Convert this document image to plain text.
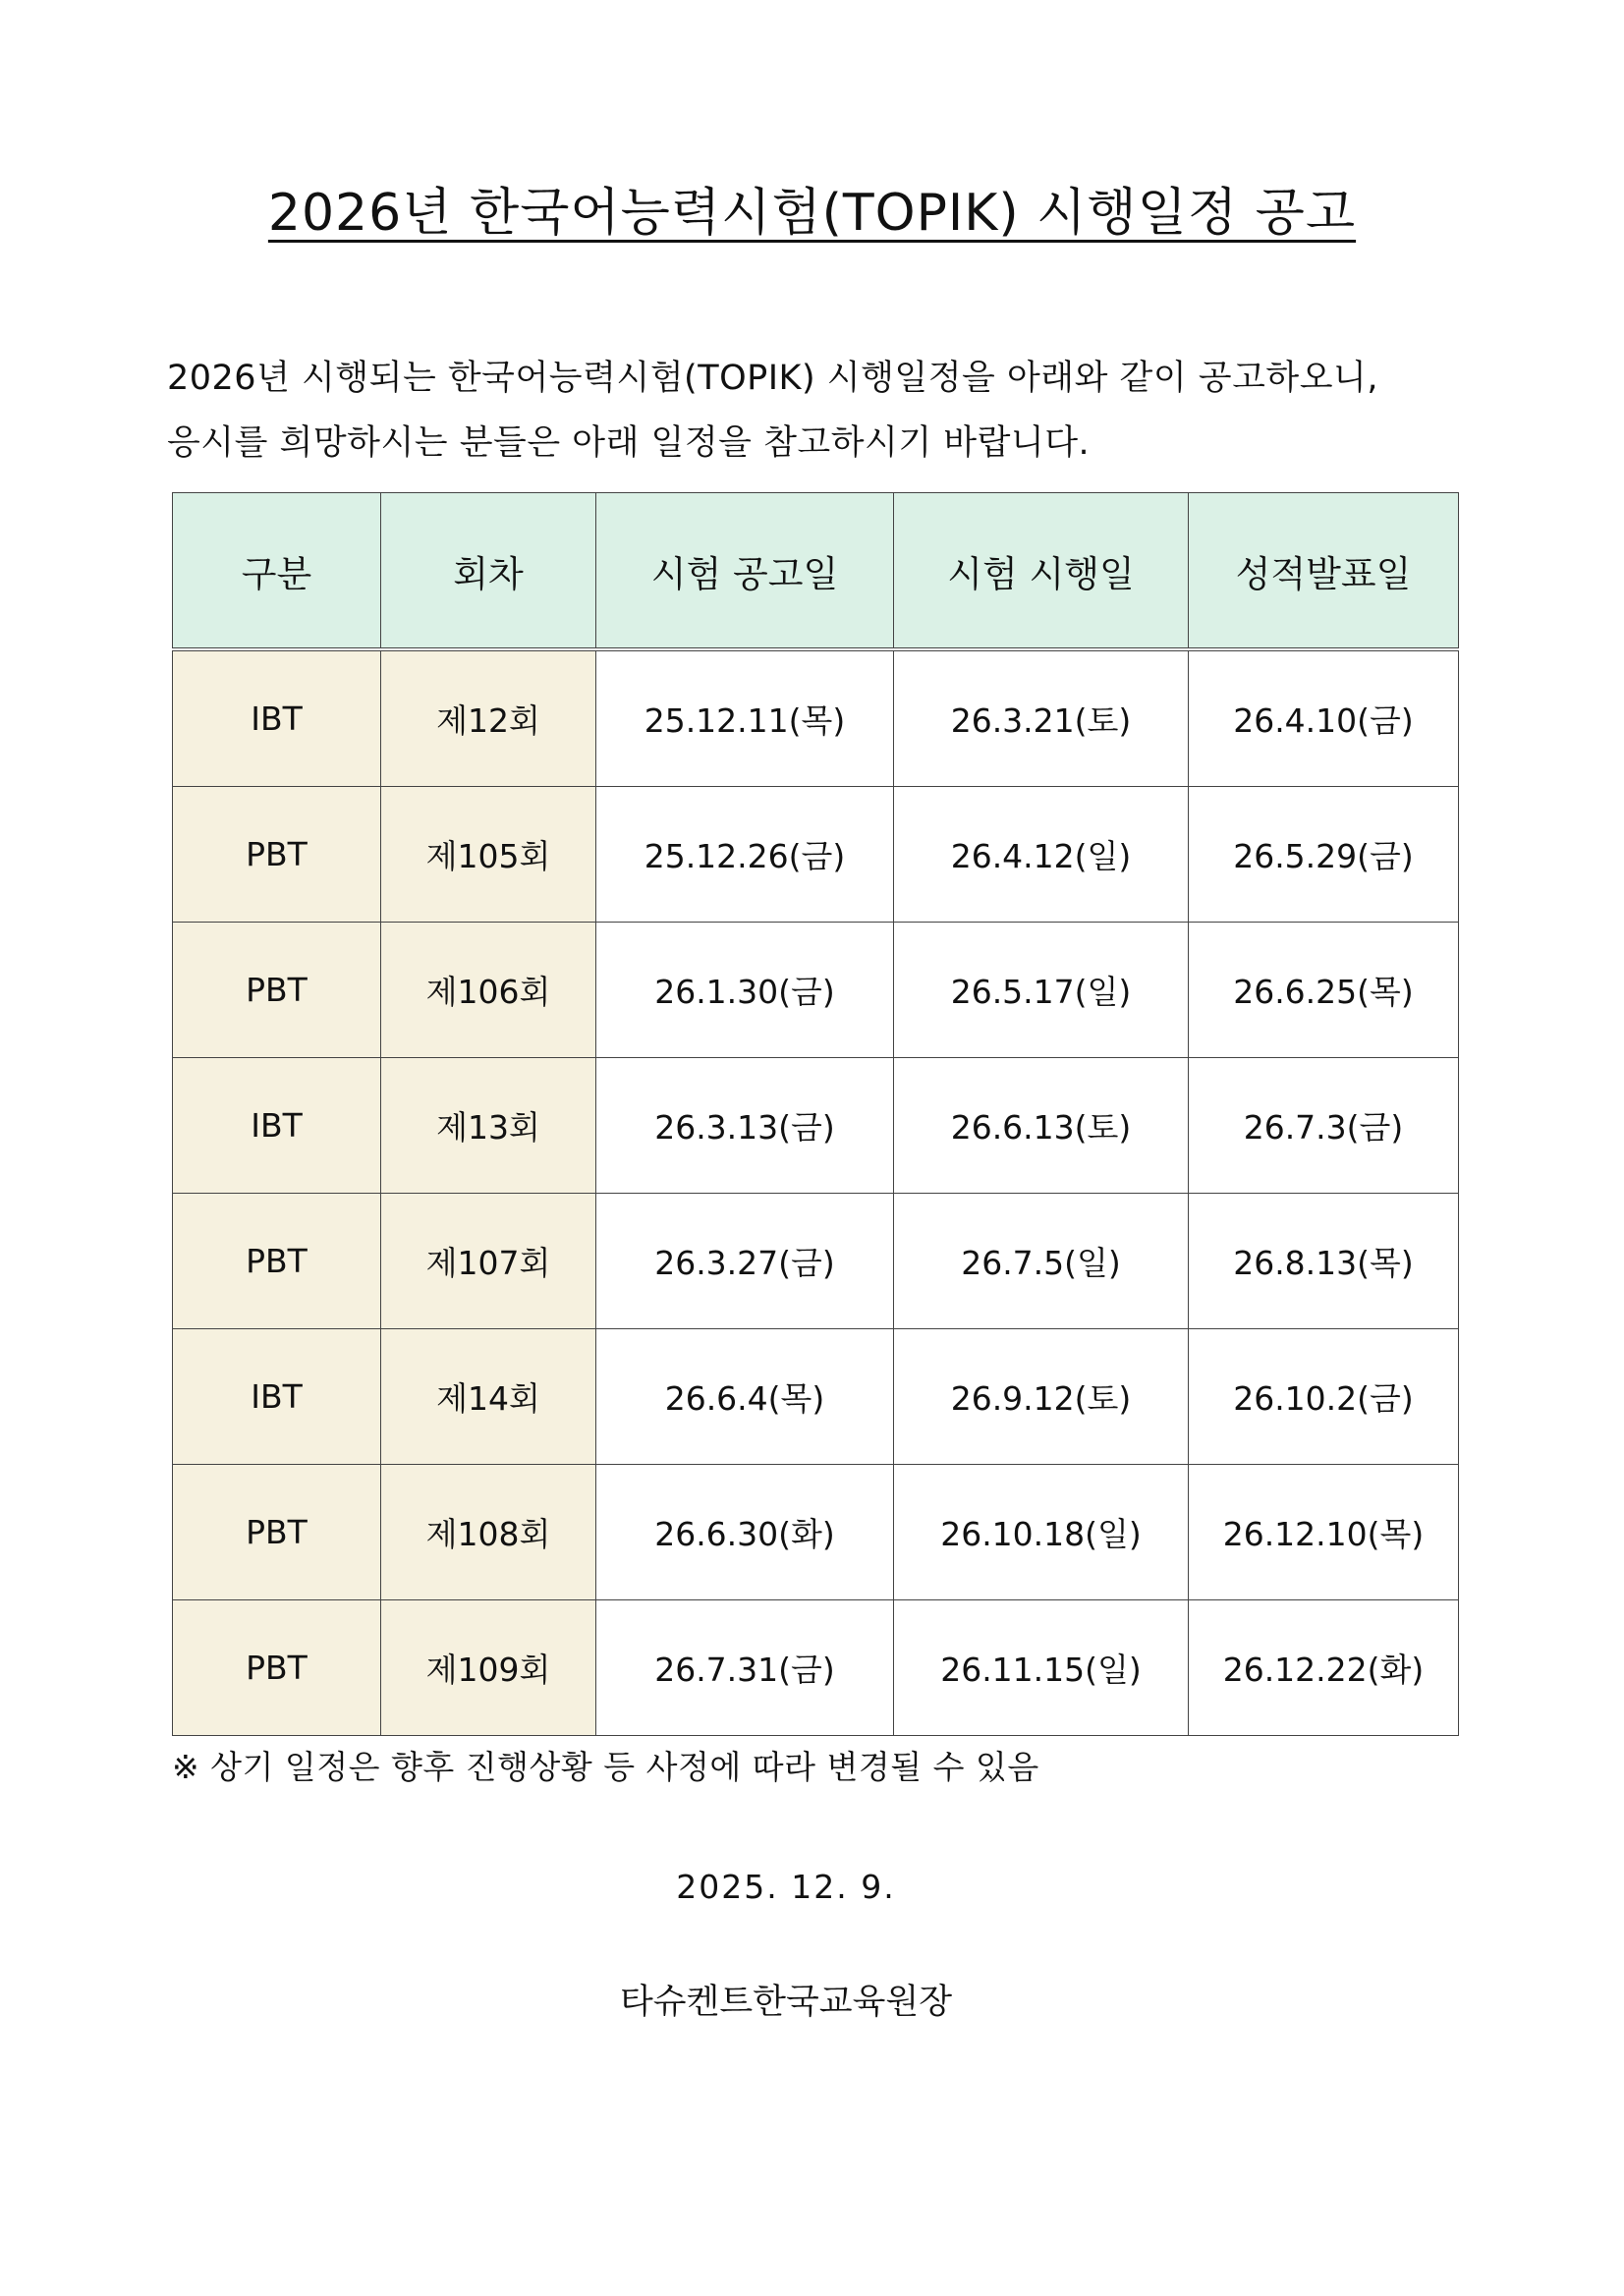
2026년 한국어능력시험(TOPIK) 시행일정 공고
2026년 시행되는 한국어능력시험(TOPIK) 시행일정을 아래와 같이 공고하오니,
응시를 희망하시는 분들은 아래 일정을 참고하시기 바랍니다.
구분	회차	시험 공고일	시험 시행일	성적발표일
IBT	제12회	25.12.11(목)	26.3.21(토)	26.4.10(금)
PBT	제105회	25.12.26(금)	26.4.12(일)	26.5.29(금)
PBT	제106회	26.1.30(금)	26.5.17(일)	26.6.25(목)
IBT	제13회	26.3.13(금)	26.6.13(토)	26.7.3(금)
PBT	제107회	26.3.27(금)	26.7.5(일)	26.8.13(목)
IBT	제14회	26.6.4(목)	26.9.12(토)	26.10.2(금)
PBT	제108회	26.6.30(화)	26.10.18(일)	26.12.10(목)
PBT	제109회	26.7.31(금)	26.11.15(일)	26.12.22(화)
※ 상기 일정은 향후 진행상황 등 사정에 따라 변경될 수 있음
2025. 12. 9.
타슈켄트한국교육원장
